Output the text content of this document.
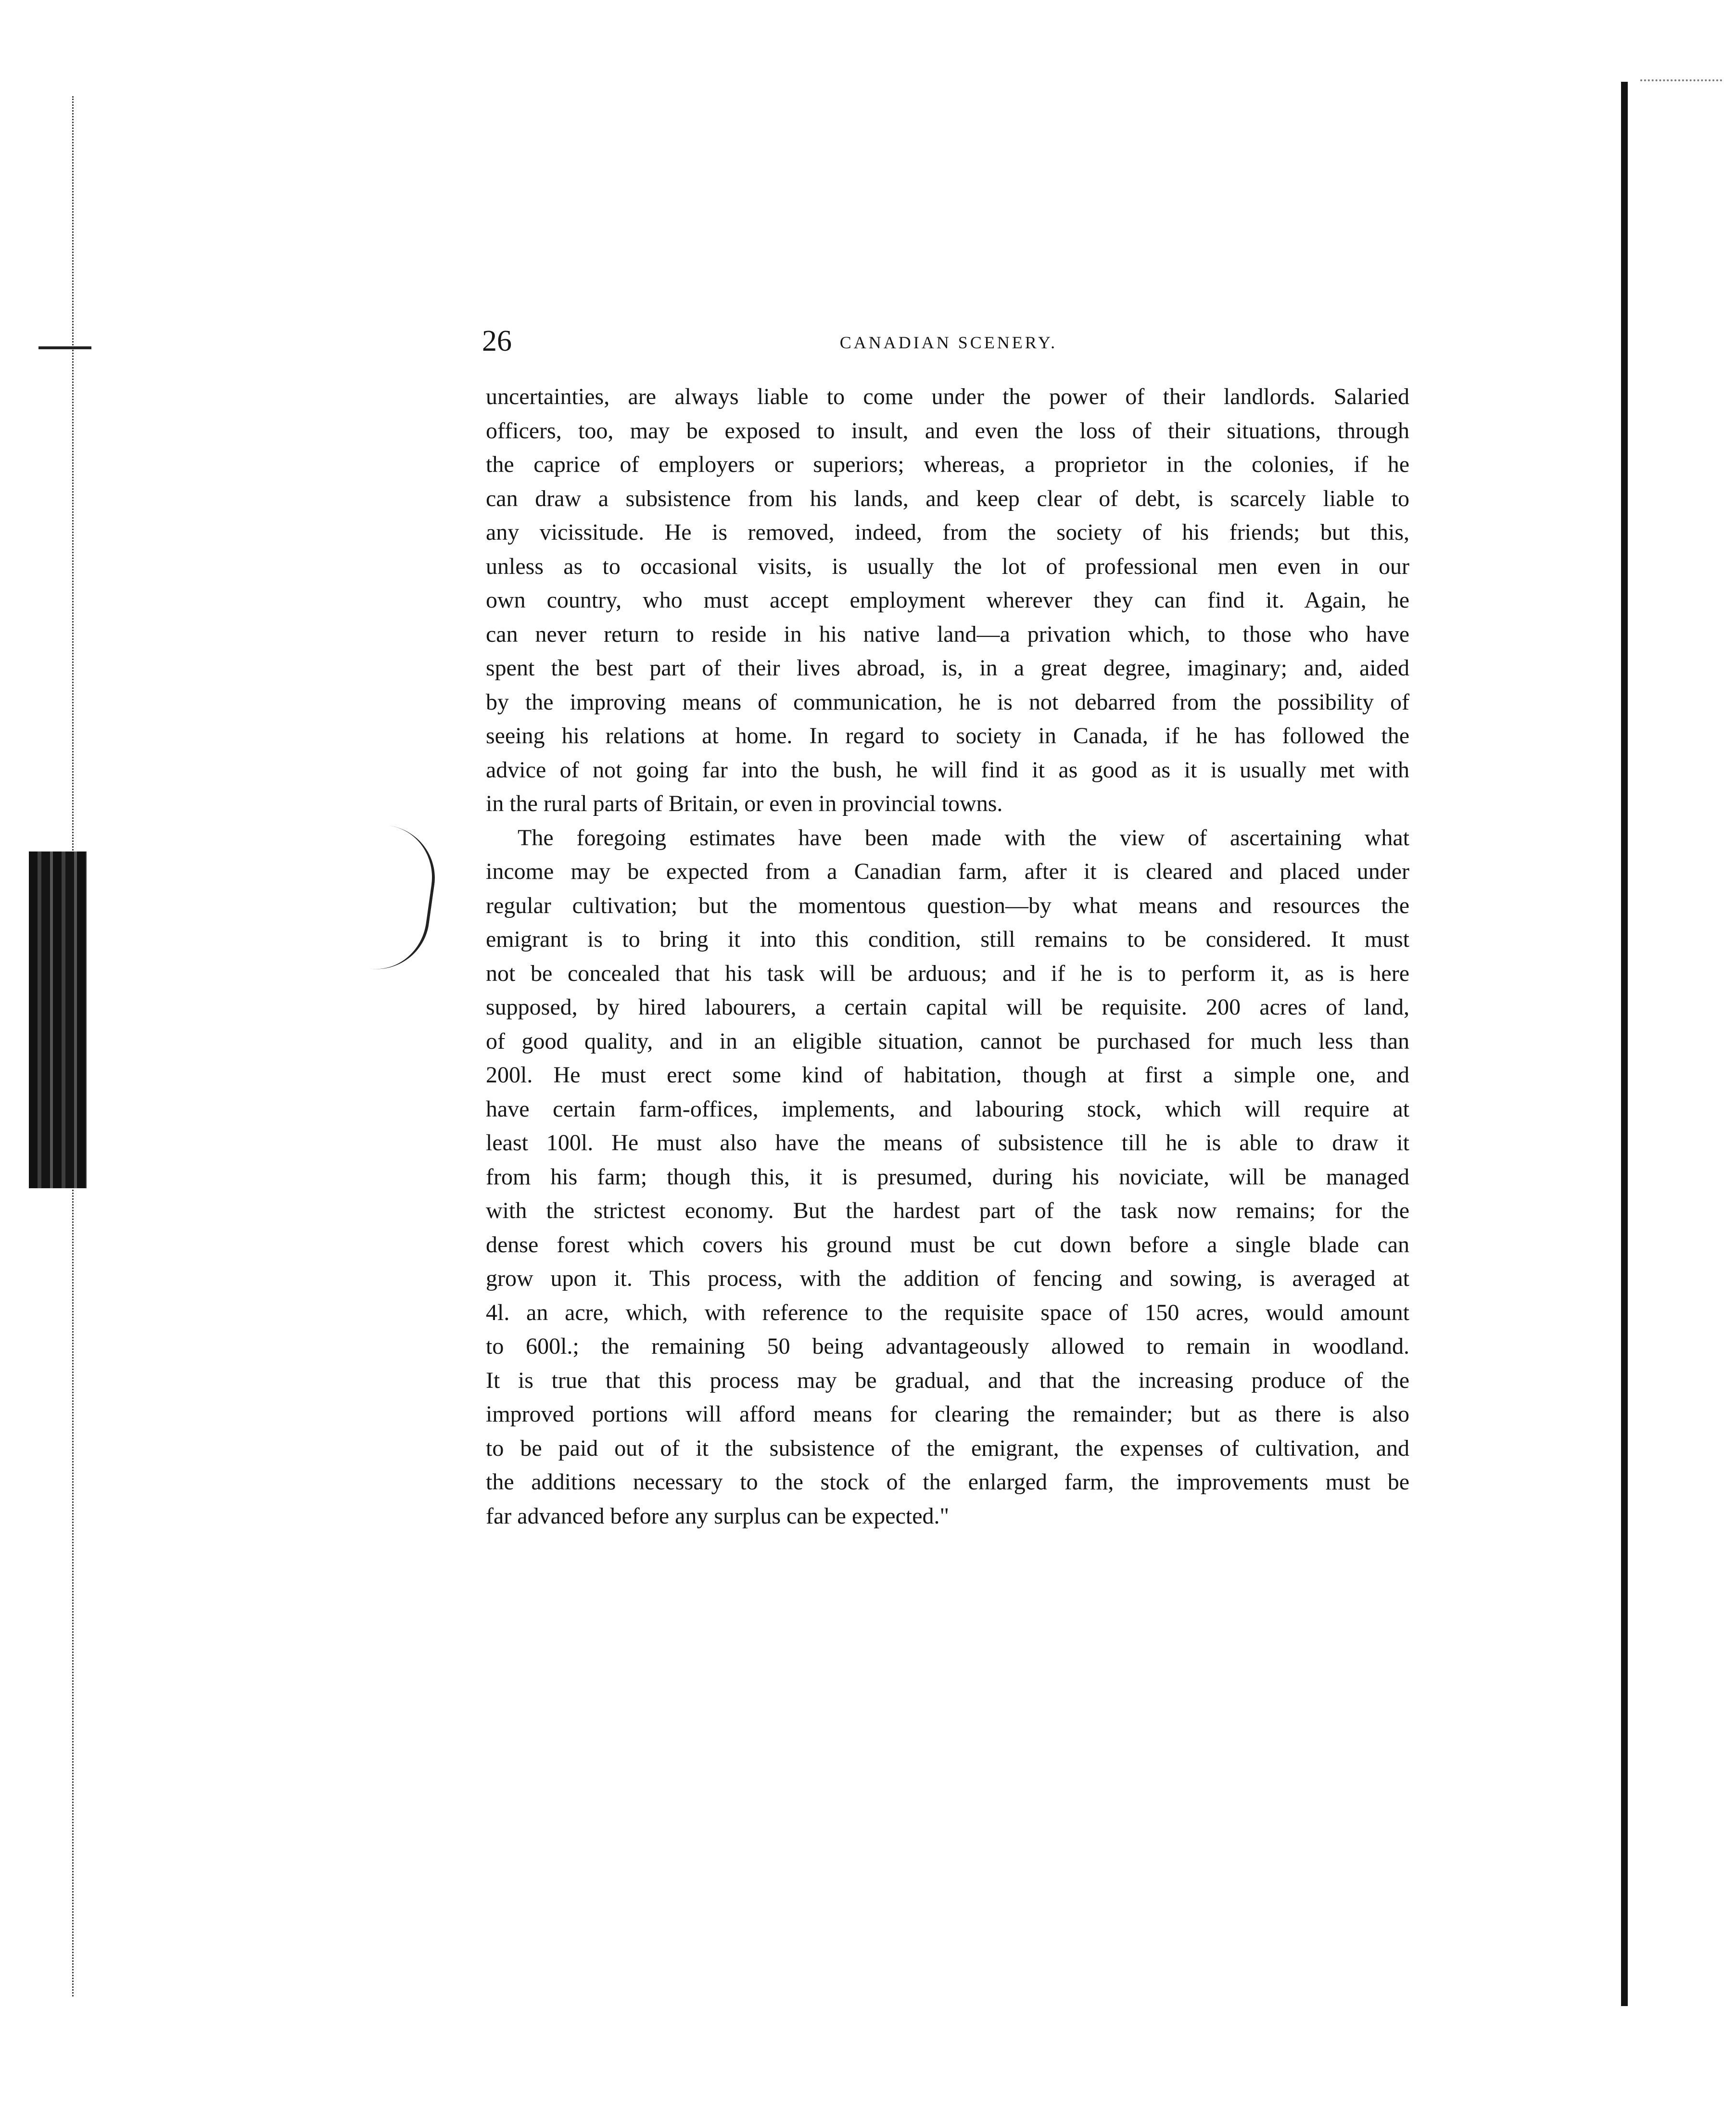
26	CANADIAN SCENERY.
uncertainties, are always liable to come under the power of their landlords. Salaried
officers, too, may be exposed to insult, and even the loss of their situations, through
the caprice of employers or superiors; whereas, a proprietor in the colonies, if he
can draw a subsistence from his lands, and keep clear of debt, is scarcely liable to
any vicissitude. He is removed, indeed, from the society of his friends; but this,
unless as to occasional visits, is usually the lot of professional men even in our
own country, who must accept employment wherever they can find it. Again, he
can never return to reside in his native land—a privation which, to those who have
spent the best part of their lives abroad, is, in a great degree, imaginary; and, aided
by the improving means of communication, he is not debarred from the possibility of
seeing his relations at home. In regard to society in Canada, if he has followed the
advice of not going far into the bush, he will find it as good as it is usually met with
in the rural parts of Britain, or even in provincial towns.
The foregoing estimates have been made with the view of ascertaining what
income may be expected from a Canadian farm, after it is cleared and placed under
regular cultivation; but the momentous question—by what means and resources the
emigrant is to bring it into this condition, still remains to be considered. It must
not be concealed that his task will be arduous; and if he is to perform it, as is here
supposed, by hired labourers, a certain capital will be requisite. 200 acres of land,
of good quality, and in an eligible situation, cannot be purchased for much less than
200l. He must erect some kind of habitation, though at first a simple one, and
have certain farm-offices, implements, and labouring stock, which will require at
least 100l. He must also have the means of subsistence till he is able to draw it
from his farm; though this, it is presumed, during his noviciate, will be managed
with the strictest economy. But the hardest part of the task now remains; for the
dense forest which covers his ground must be cut down before a single blade can
grow upon it. This process, with the addition of fencing and sowing, is averaged at
4l. an acre, which, with reference to the requisite space of 150 acres, would amount
to 600l.; the remaining 50 being advantageously allowed to remain in woodland.
It is true that this process may be gradual, and that the increasing produce of the
improved portions will afford means for clearing the remainder; but as there is also
to be paid out of it the subsistence of the emigrant, the expenses of cultivation, and
the additions necessary to the stock of the enlarged farm, the improvements must be
far advanced before any surplus can be expected."
